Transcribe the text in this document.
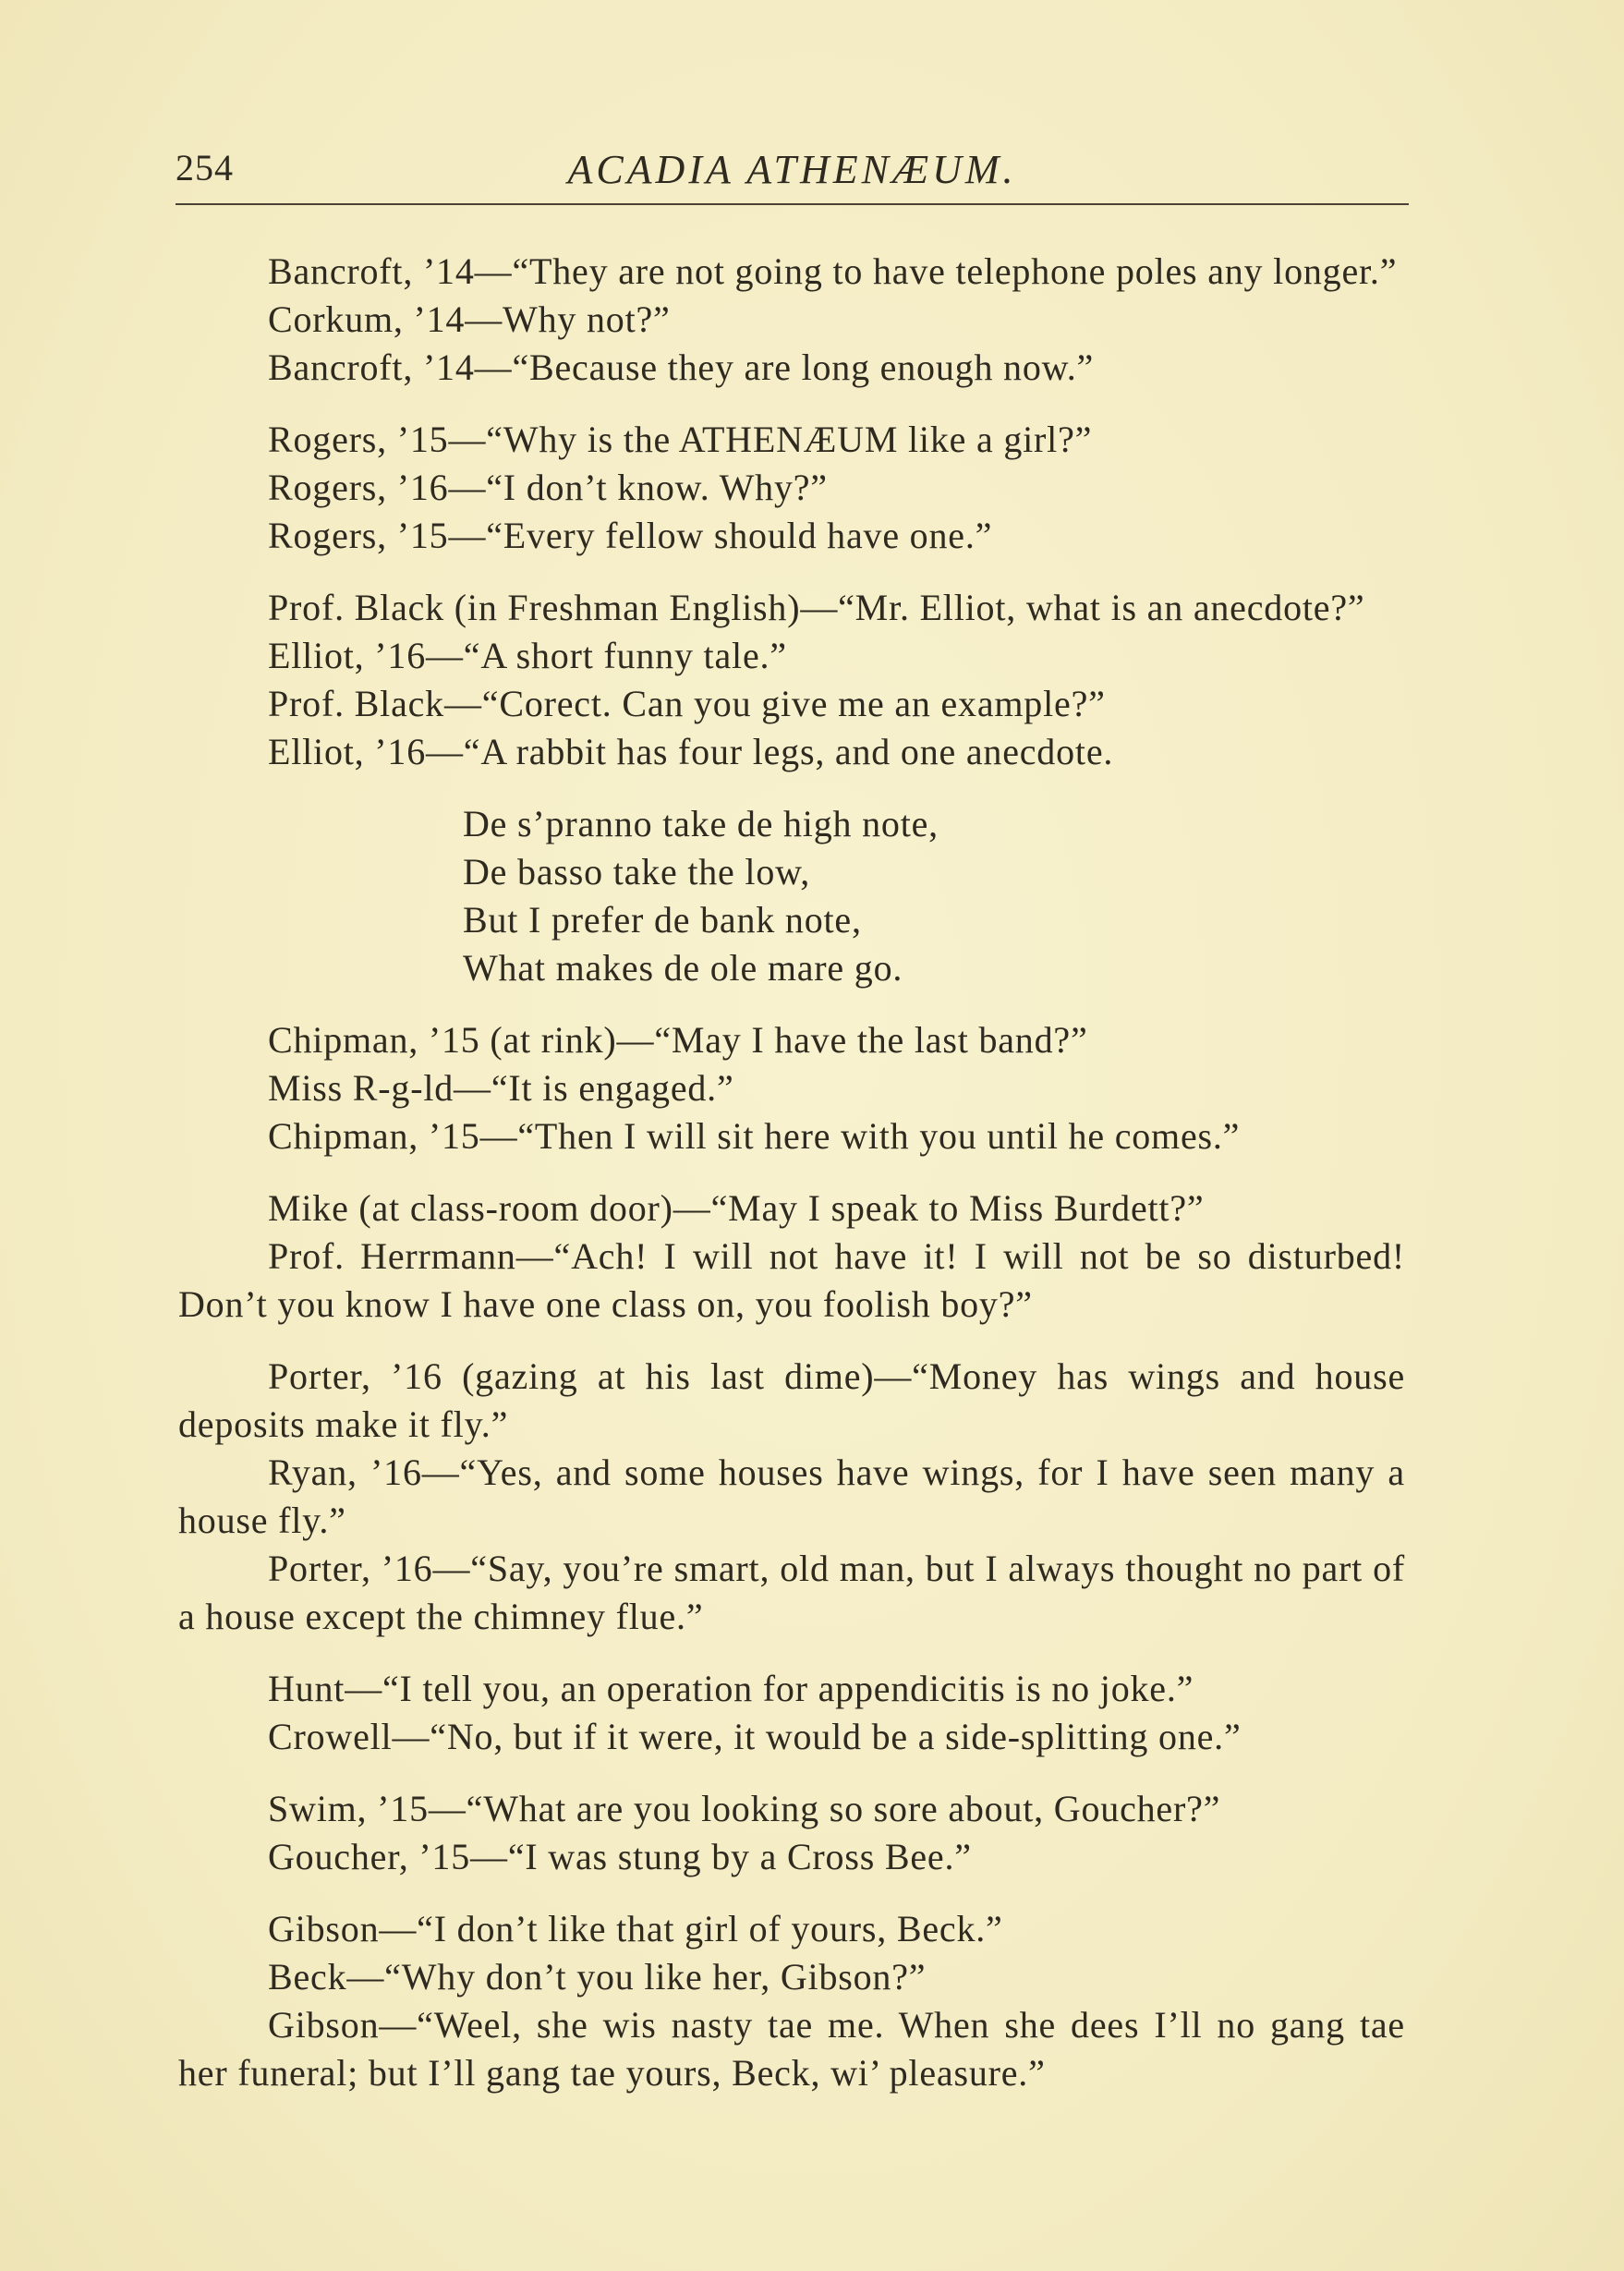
254	ACADIA ATHENÆUM.

Bancroft, ’14—“They are not going to have telephone poles any longer.”

Corkum, ’14—Why not?”

Bancroft, ’14—“Because they are long enough now.”

Rogers, ’15—“Why is the ATHENÆUM like a girl?”

Rogers, ’16—“I don’t know. Why?”

Rogers, ’15—“Every fellow should have one.”

Prof. Black (in Freshman English)—“Mr. Elliot, what is an anecdote?”

Elliot, ’16—“A short funny tale.”

Prof. Black—“Corect. Can you give me an example?”

Elliot, ’16—“A rabbit has four legs, and one anecdote.

De s’pranno take de high note,

De basso take the low,

But I prefer de bank note,

What makes de ole mare go.

Chipman, ’15 (at rink)—“May I have the last band?”

Miss R-g-ld—“It is engaged.”

Chipman, ’15—“Then I will sit here with you until he comes.”

Mike (at class-room door)—“May I speak to Miss Burdett?”

Prof. Herrmann—“Ach! I will not have it! I will not be so disturbed! Don’t you know I have one class on, you foolish boy?”

Porter, ’16 (gazing at his last dime)—“Money has wings and house deposits make it fly.”

Ryan, ’16—“Yes, and some houses have wings, for I have seen many a house fly.”

Porter, ’16—“Say, you’re smart, old man, but I always thought no part of a house except the chimney flue.”

Hunt—“I tell you, an operation for appendicitis is no joke.”

Crowell—“No, but if it were, it would be a side-splitting one.”

Swim, ’15—“What are you looking so sore about, Goucher?”

Goucher, ’15—“I was stung by a Cross Bee.”

Gibson—“I don’t like that girl of yours, Beck.”

Beck—“Why don’t you like her, Gibson?”

Gibson—“Weel, she wis nasty tae me. When she dees I’ll no gang tae her funeral; but I’ll gang tae yours, Beck, wi’ pleasure.”
